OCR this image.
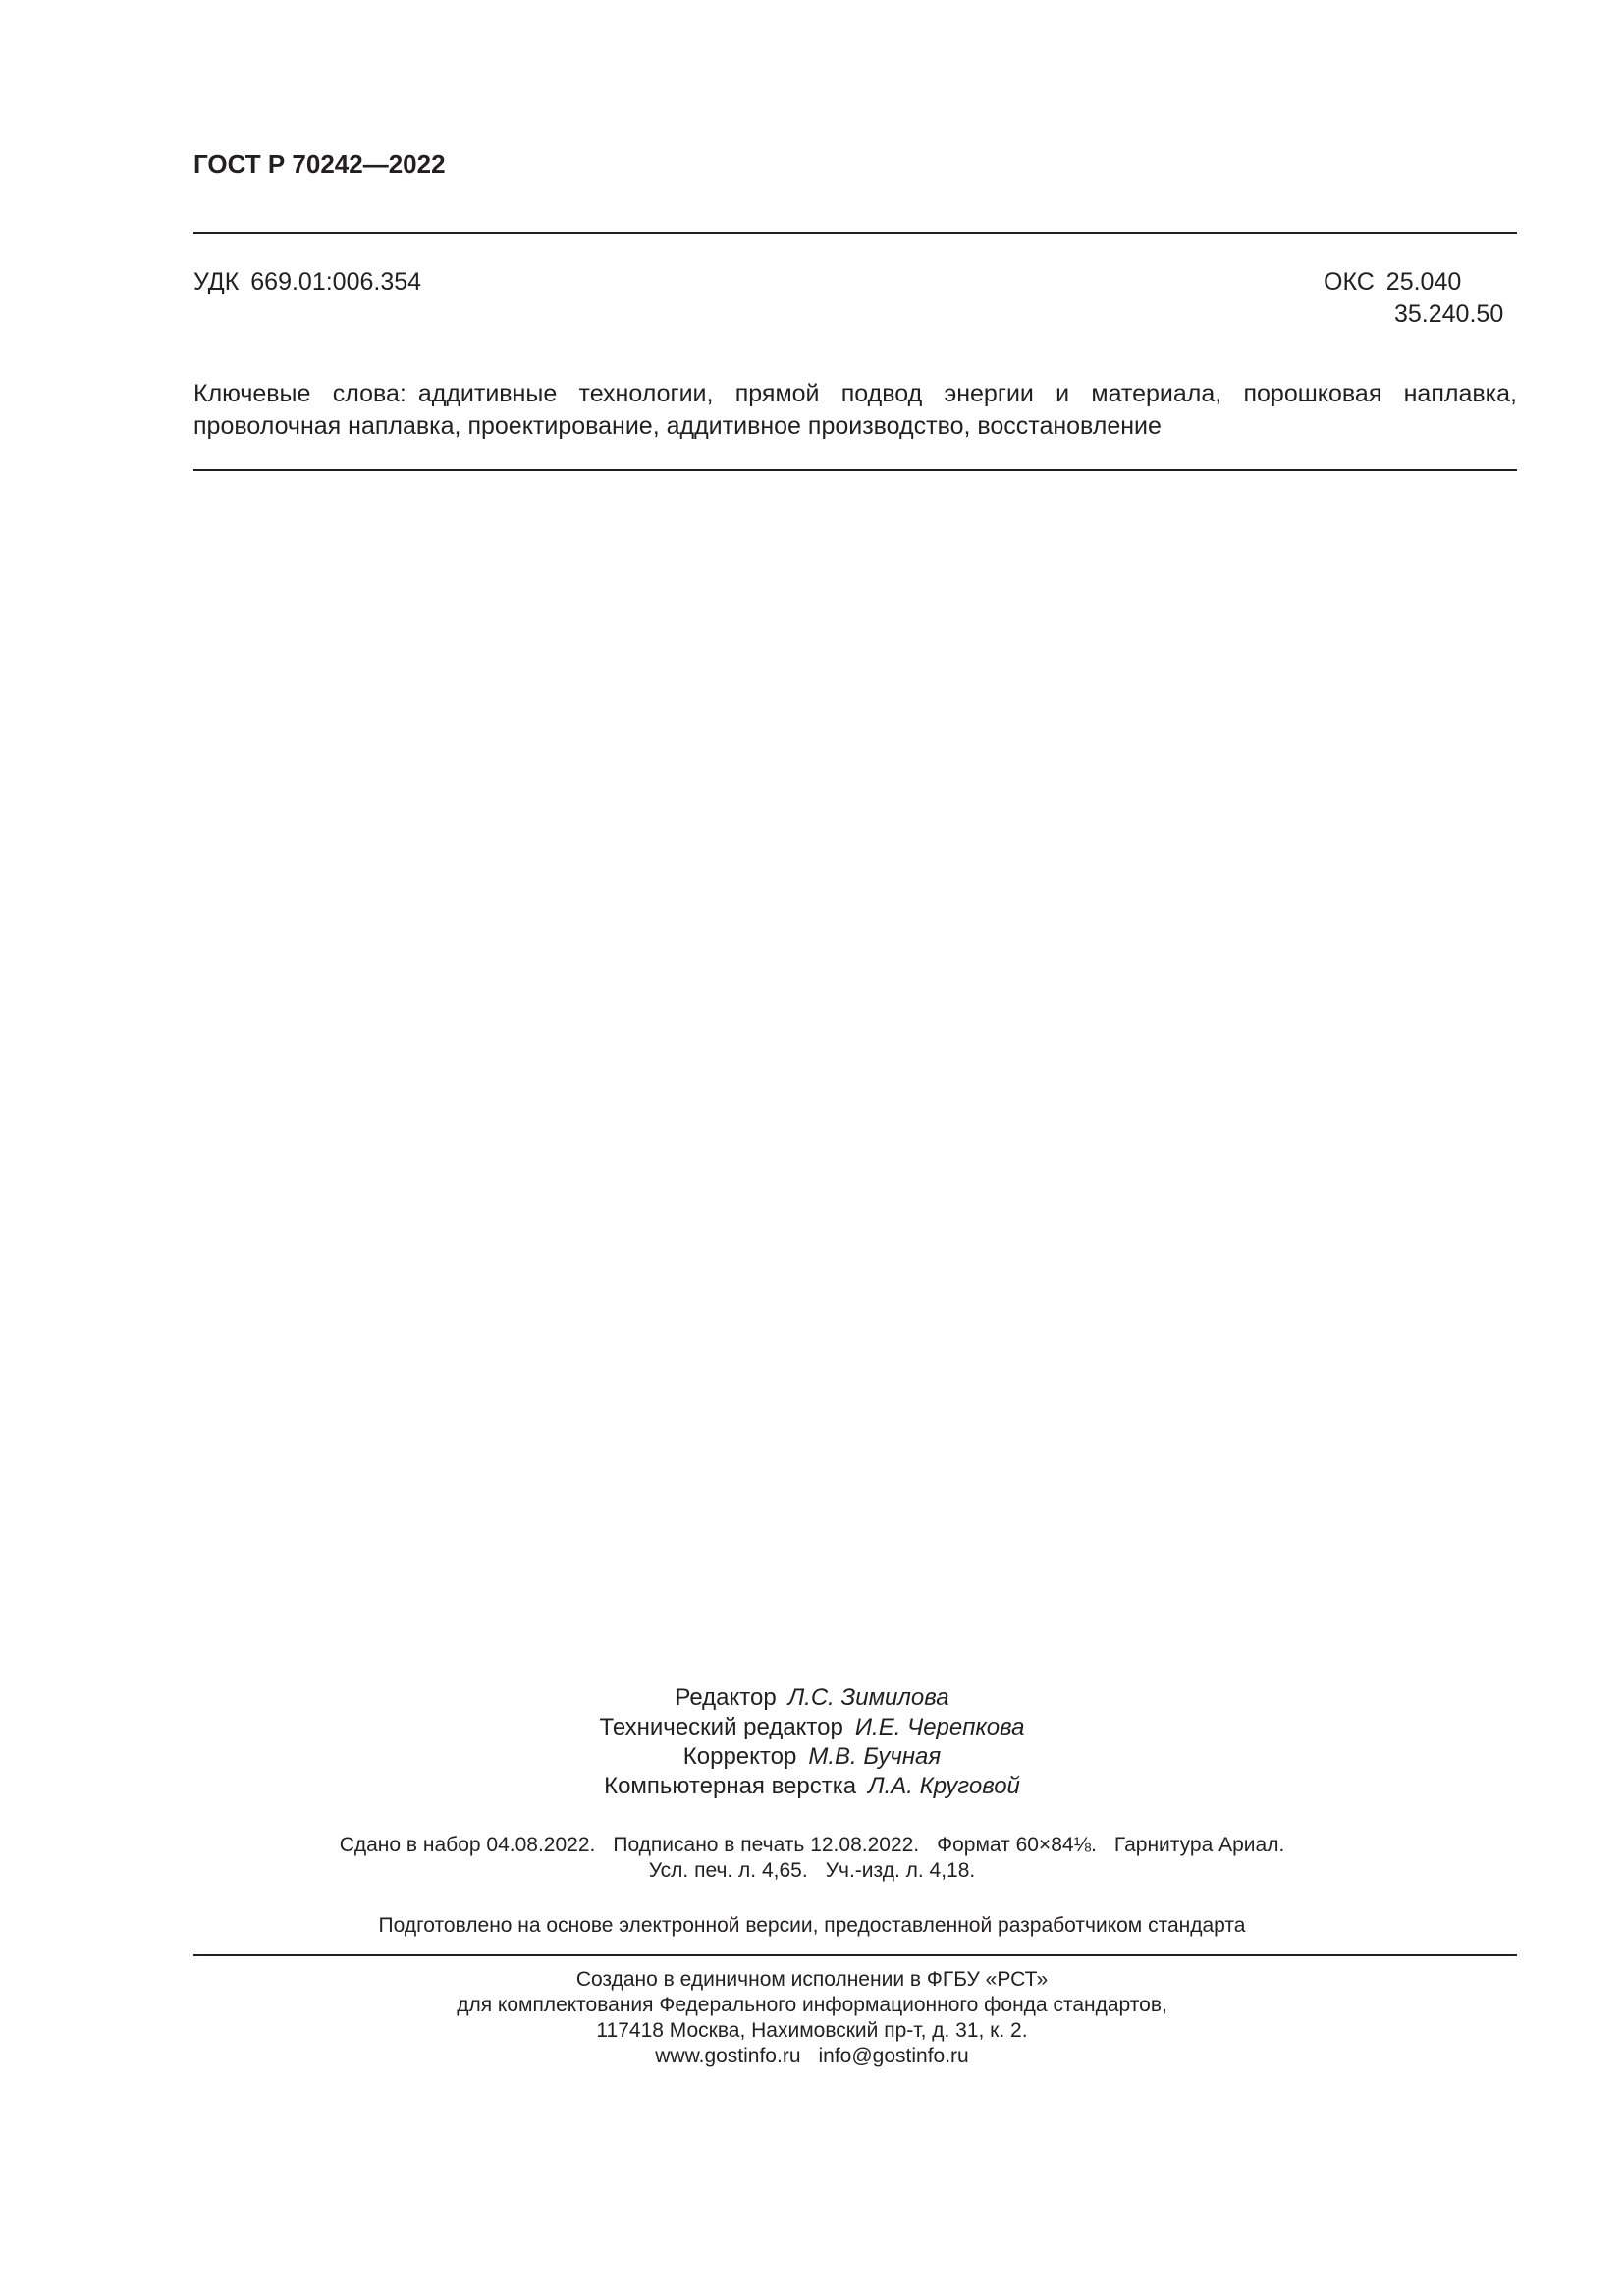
ГОСТ Р 70242—2022
УДК 669.01:006.354	ОКС 25.040
35.240.50
Ключевые слова: аддитивные технологии, прямой подвод энергии и материала, порошковая наплавка, проволочная наплавка, проектирование, аддитивное производство, восстановление
Редактор Л.С. Зимилова
Технический редактор И.Е. Черепкова
Корректор М.В. Бучная
Компьютерная верстка Л.А. Круговой
Сдано в набор 04.08.2022. Подписано в печать 12.08.2022. Формат 60×84⅛. Гарнитура Ариал.
Усл. печ. л. 4,65. Уч.-изд. л. 4,18.
Подготовлено на основе электронной версии, предоставленной разработчиком стандарта
Создано в единичном исполнении в ФГБУ «РСТ»
для комплектования Федерального информационного фонда стандартов,
117418 Москва, Нахимовский пр-т, д. 31, к. 2.
www.gostinfo.ru info@gostinfo.ru
